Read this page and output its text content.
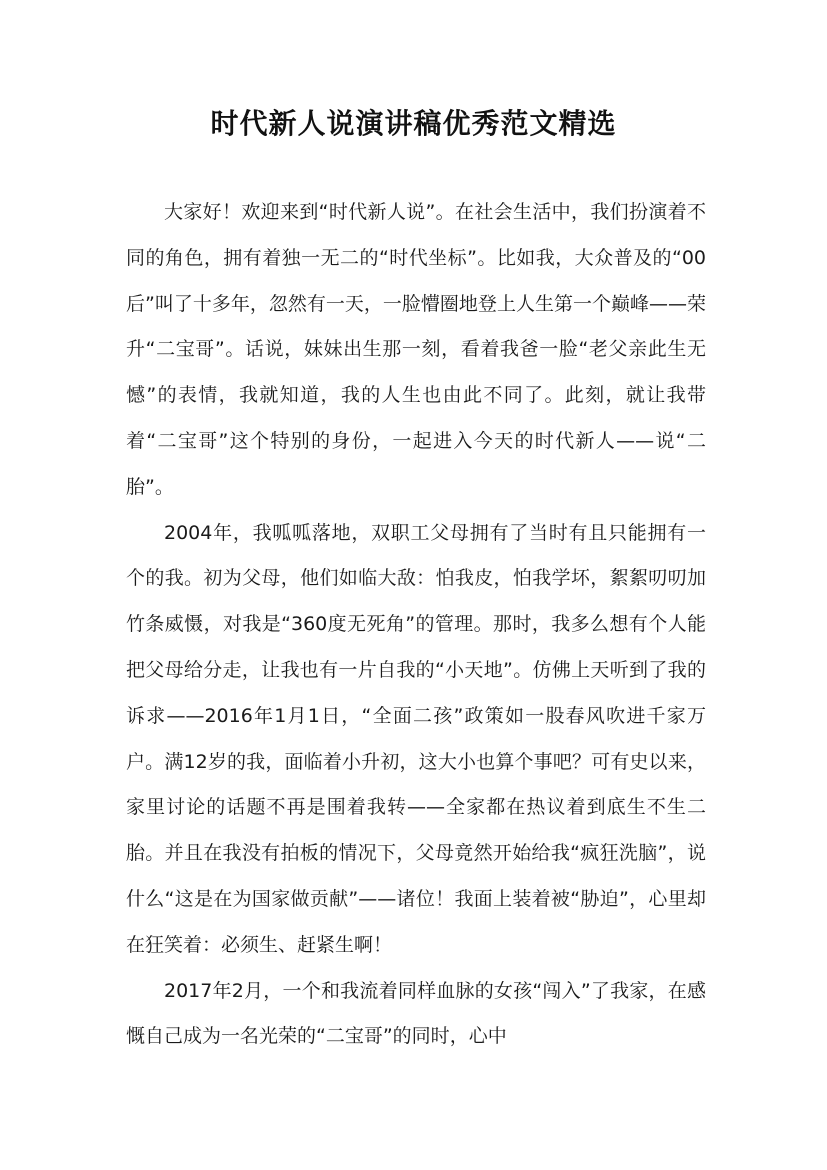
时代新人说演讲稿优秀范文精选

大家好！欢迎来到“时代新人说”。在社会生活中，我们扮演着不同的角色，拥有着独一无二的“时代坐标”。比如我，大众普及的“00后”叫了十多年，忽然有一天，一脸懵圈地登上人生第一个巅峰——荣升“二宝哥”。话说，妹妹出生那一刻，看着我爸一脸“老父亲此生无憾”的表情，我就知道，我的人生也由此不同了。此刻，就让我带着“二宝哥”这个特别的身份，一起进入今天的时代新人——说“二胎”。

2004年，我呱呱落地，双职工父母拥有了当时有且只能拥有一个的我。初为父母，他们如临大敌：怕我皮，怕我学坏，絮絮叨叨加竹条威慑，对我是“360度无死角”的管理。那时，我多么想有个人能把父母给分走，让我也有一片自我的“小天地”。仿佛上天听到了我的诉求——2016年1月1日，“全面二孩”政策如一股春风吹进千家万户。满12岁的我，面临着小升初，这大小也算个事吧？可有史以来，家里讨论的话题不再是围着我转——全家都在热议着到底生不生二胎。并且在我没有拍板的情况下，父母竟然开始给我“疯狂洗脑”，说什么“这是在为国家做贡献”——诸位！我面上装着被“胁迫”，心里却在狂笑着：必须生、赶紧生啊！

2017年2月，一个和我流着同样血脉的女孩“闯入”了我家，在感慨自己成为一名光荣的“二宝哥”的同时，心中
